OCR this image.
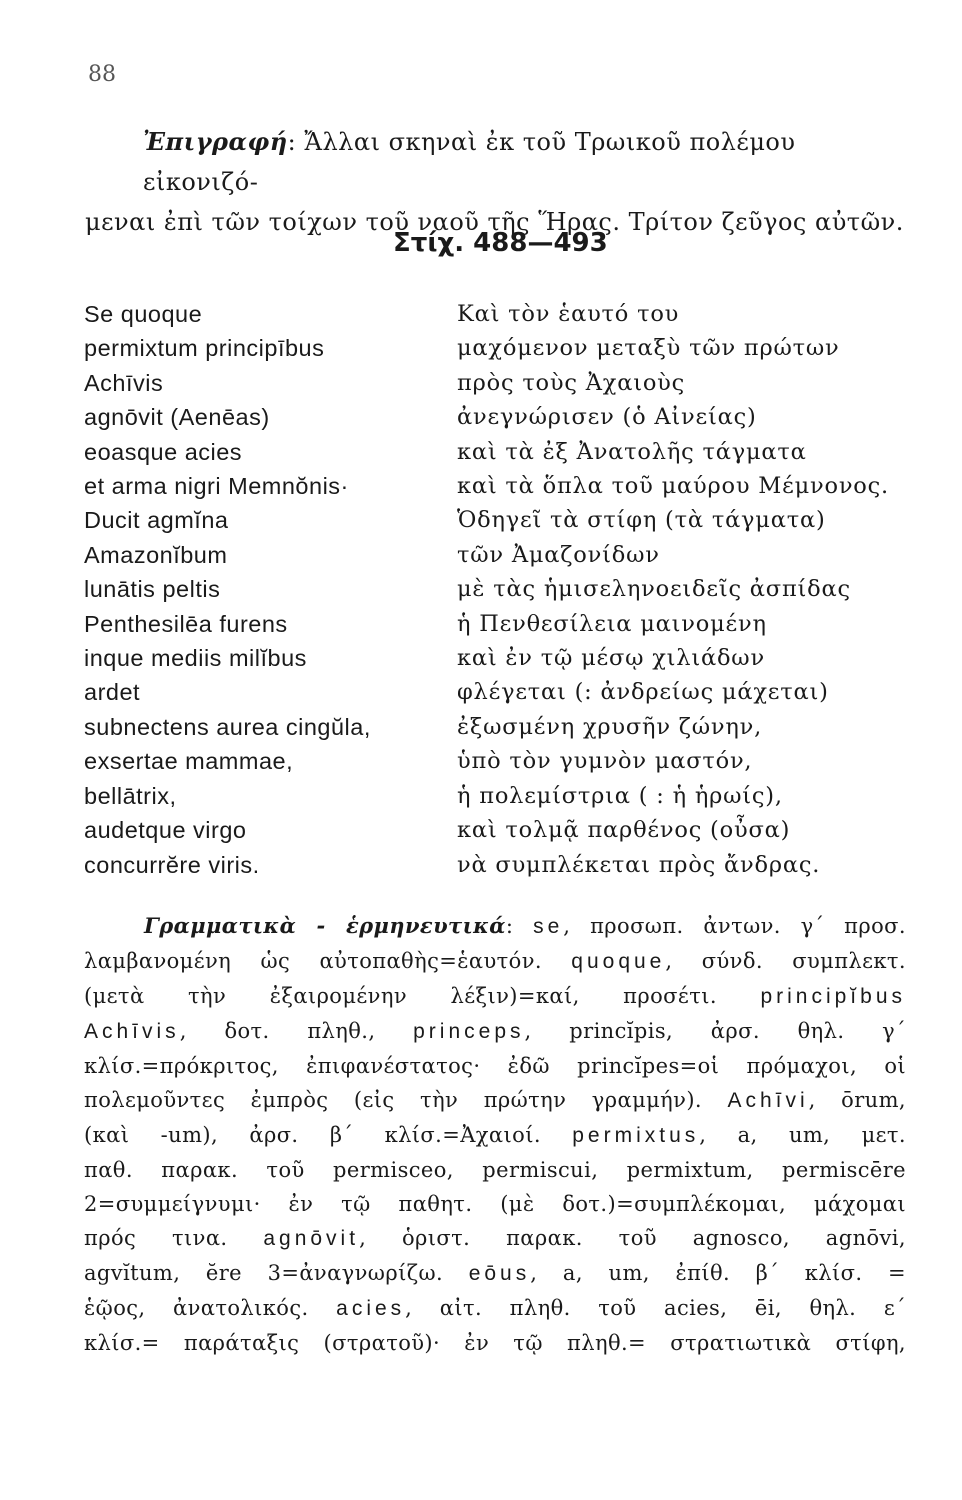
88
Ἐπιγραφή: Ἄλλαι σκηναὶ ἐκ τοῦ Τρωικοῦ πολέμου εἰκονιζό-
μεναι ἐπὶ τῶν τοίχων τοῦ ναοῦ τῆς Ἥρας. Τρίτον ζεῦγος αὐτῶν.
Στίχ. 488—493
Se quoque
permixtum principībus
Achīvis
agnōvit (Aenēas)
eoasque acies
et arma nigri Memnŏnis·
Ducit agmĭna
Amazonĭbum
lunātis peltis
Penthesilēa furens
inque mediis milĭbus
ardet
subnectens aurea cingŭla,
exsertae mammae,
bellātrix,
audetque virgo
concurrĕre viris.
Καὶ τὸν ἑαυτό του
μαχόμενον μεταξὺ τῶν πρώτων
πρὸς τοὺς Ἀχαιοὺς
ἀνεγνώρισεν (ὁ Αἰνείας)
καὶ τὰ ἐξ Ἀνατολῆς τάγματα
καὶ τὰ ὅπλα τοῦ μαύρου Μέμνονος.
Ὁδηγεῖ τὰ στίφη (τὰ τάγματα)
τῶν Ἀμαζονίδων
μὲ τὰς ἡμισεληνοειδεῖς ἀσπίδας
ἡ Πενθεσίλεια μαινομένη
καὶ ἐν τῷ μέσῳ χιλιάδων
φλέγεται (: ἀνδρείως μάχεται)
ἐξωσμένη χρυσῆν ζώνην,
ὑπὸ τὸν γυμνὸν μαστόν,
ἡ πολεμίστρια ( : ἡ ἡρωίς),
καὶ τολμᾷ παρθένος (οὖσα)
νὰ συμπλέκεται πρὸς ἄνδρας.
Γραμματικὰ - ἑρμηνευτικά: se, προσωπ. ἀντων. γ΄ προσ.
λαμβανομένη ὡς αὐτοπαθὴς=ἑαυτόν. quoque, σύνδ. συμπλεκτ.
(μετὰ τὴν ἐξαιρομένην λέξιν)=καί, προσέτι. principĭbus
Achīvis, δοτ. πληθ., princeps, princĭpis, ἀρσ. θηλ. γ΄
κλίσ.=πρόκριτος, ἐπιφανέστατος· ἐδῶ princĭpes=οἱ πρόμαχοι, οἱ
πολεμοῦντες ἐμπρὸς (εἰς τὴν πρώτην γραμμήν). Achīvi, ōrum,
(καὶ -um), ἀρσ. β΄ κλίσ.=Ἀχαιοί. permixtus, a, um, μετ.
παθ. παρακ. τοῦ permisceo, permiscui, permixtum, permiscēre
2=συμμείγνυμι· ἐν τῷ παθητ. (μὲ δοτ.)=συμπλέκομαι, μάχομαι
πρός τινα. agnōvit, ὁριστ. παρακ. τοῦ agnosco, agnōvi,
agvĭtum, ĕre 3=ἀναγνωρίζω. eōus, a, um, ἐπίθ. β΄ κλίσ. =
ἑῷος, ἀνατολικός. acies, αἰτ. πληθ. τοῦ acies, ēi, θηλ. ε΄
κλίσ.= παράταξις (στρατοῦ)· ἐν τῷ πληθ.= στρατιωτικὰ στίφη,
